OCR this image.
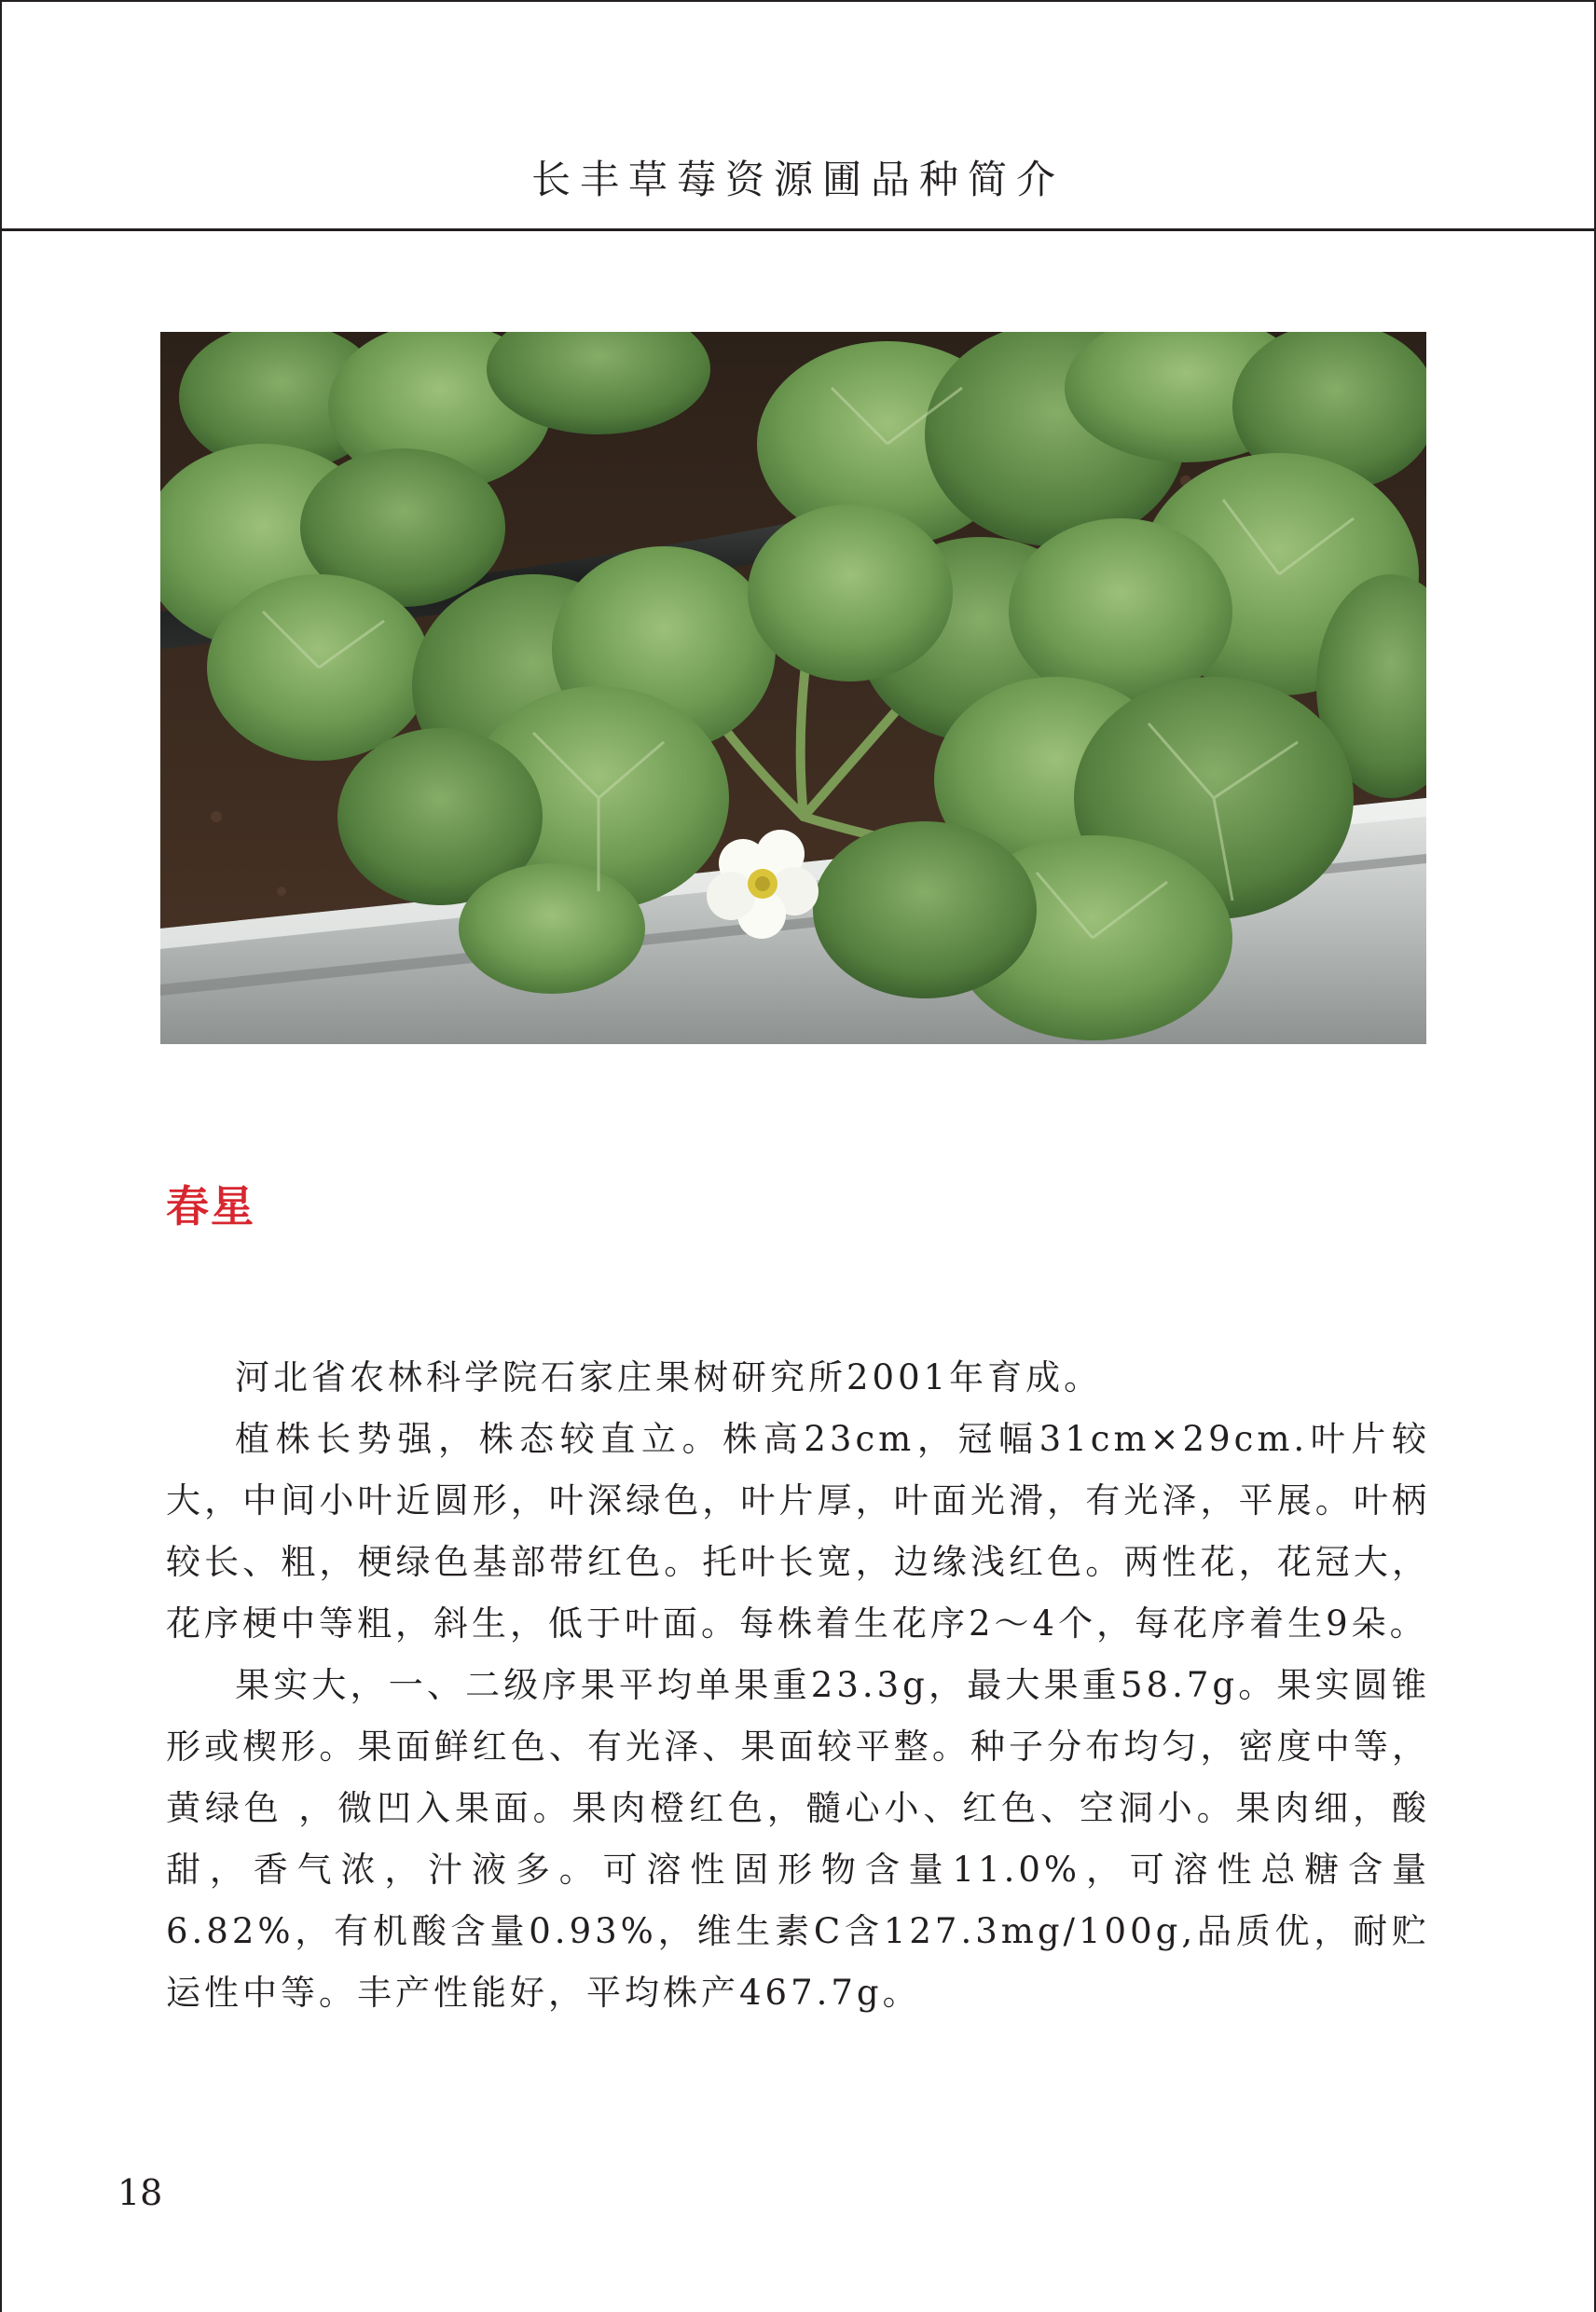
长丰草莓资源圃品种简介
春星

河北省农林科学院石家庄果树研究所2001年育成。

植株长势强，株态较直立。株高23cm，冠幅31cm×29cm.叶片较大，中间小叶近圆形，叶深绿色，叶片厚，叶面光滑，有光泽，平展。叶柄较长、粗，梗绿色基部带红色。托叶长宽，边缘浅红色。两性花，花冠大，花序梗中等粗，斜生，低于叶面。每株着生花序2～4个，每花序着生9朵。

果实大，一、二级序果平均单果重23.3g，最大果重58.7g。果实圆锥形或楔形。果面鲜红色、有光泽、果面较平整。种子分布均匀，密度中等，黄绿色 ，微凹入果面。果肉橙红色，髓心小、红色、空洞小。果肉细，酸甜，香气浓，汁液多。可溶性固形物含量11.0%，可溶性总糖含量6.82%，有机酸含量0.93%，维生素C含127.3mg/100g,品质优，耐贮运性中等。丰产性能好，平均株产467.7g。

18
